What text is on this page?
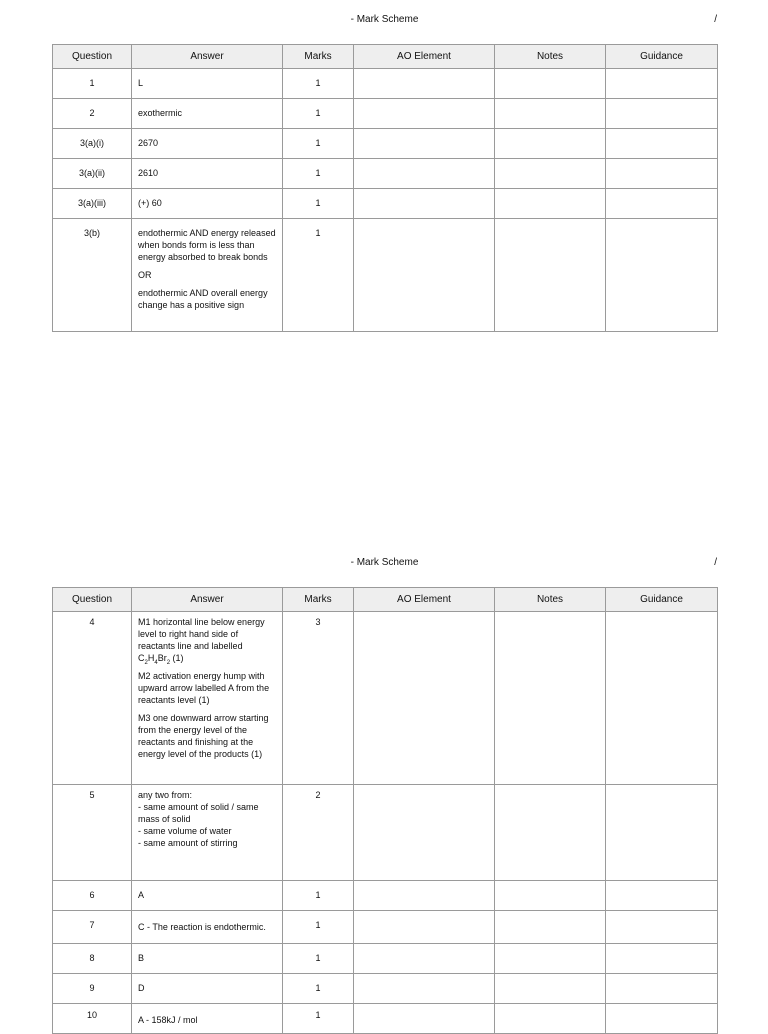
- Mark Scheme	/
Question	Answer	Marks	AO Element	Notes	Guidance

1	L	1			

2	exothermic	1			

3(a)(i)	2670	1			

3(a)(ii)	2610	1			

3(a)(iii)	(+) 60	1			

3(b)	endothermic AND energy released when bonds form is less than energy absorbed to break bonds
OR
endothermic AND overall energy change has a positive sign	1			

- Mark Scheme	/
Question	Answer	Marks	AO Element	Notes	Guidance

4	M1 horizontal line below energy level to right hand side of reactants line and labelled $C_2H_4Br_2$ (1)
M2 activation energy hump with upward arrow labelled A from the reactants level (1)
M3 one downward arrow starting from the energy level of the reactants and finishing at the energy level of the products (1)	3			

5	any two from:
- same amount of solid / same mass of solid
- same volume of water
- same amount of stirring	2			

6	A	1			

7	C - The reaction is endothermic.	1			

8	B	1			

9	D	1			

10	A - 158kJ / mol	1			
